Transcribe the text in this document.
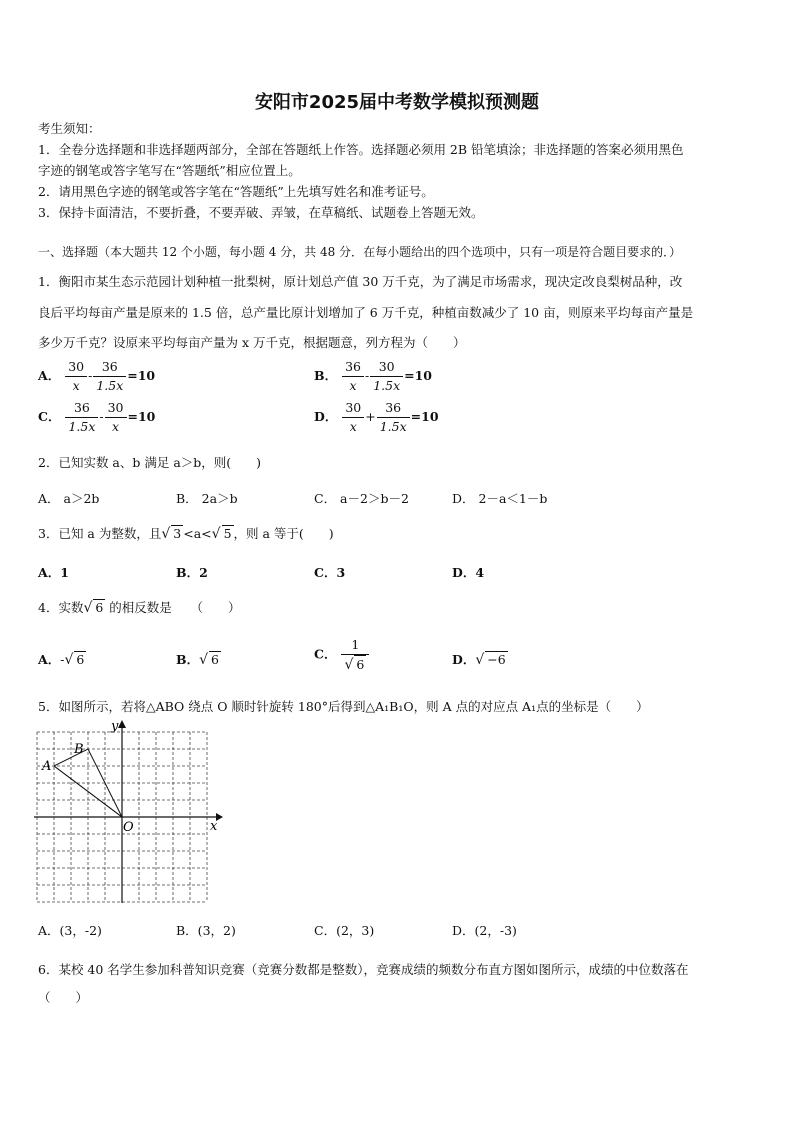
安阳市2025届中考数学模拟预测题
考生须知：
1．全卷分选择题和非选择题两部分，全部在答题纸上作答。选择题必须用 2B 铅笔填涂；非选择题的答案必须用黑色
字迹的钢笔或答字笔写在“答题纸”相应位置上。
2．请用黑色字迹的钢笔或答字笔在“答题纸”上先填写姓名和准考证号。
3．保持卡面清洁，不要折叠，不要弄破、弄皱，在草稿纸、试题卷上答题无效。
一、选择题（本大题共 12 个小题，每小题 4 分，共 48 分．在每小题给出的四个选项中，只有一项是符合题目要求的．）
1．衡阳市某生态示范园计划种植一批梨树，原计划总产值 30 万千克，为了满足市场需求，现决定改良梨树品种，改
良后平均每亩产量是原来的 1.5 倍，总产量比原计划增加了 6 万千克，种植亩数减少了 10 亩，则原来平均每亩产量是
多少万千克？设原来平均每亩产量为 x 万千克，根据题意，列方程为（　　）
A． $\frac{30}{x} - \frac{36}{1.5x} =10$	B． $\frac{36}{x} - \frac{30}{1.5x} =10$
C． $\frac{36}{1.5x} - \frac{30}{x} =10$	D． $\frac{30}{x} + \frac{36}{1.5x} =10$
2．已知实数 a、b 满足 a＞b，则(　　)
A． a＞2b	B． 2a＞b	C． a－2＞b－2	D． 2－a＜1－b
3．已知 a 为整数，且√ 3 <a<√ 5 ，则 a 等于(　　)
A．1	B．2	C．3	D．4
4．实数√ 6 的相反数是　　（　　）
A．-√ 6	B．√ 6	C． $\frac{1}{√ 6}$	D．√ −6
5．如图所示，若将△ABO 绕点 O 顺时针旋转 180°后得到△A₁B₁O，则 A 点的对应点 A₁点的坐标是（　　）
x
y
O
A
B
A．(3，-2)	B．(3，2)	C．(2，3)	D．(2，-3)
6．某校 40 名学生参加科普知识竞赛（竞赛分数都是整数），竞赛成绩的频数分布直方图如图所示，成绩的中位数落在
（　　）
